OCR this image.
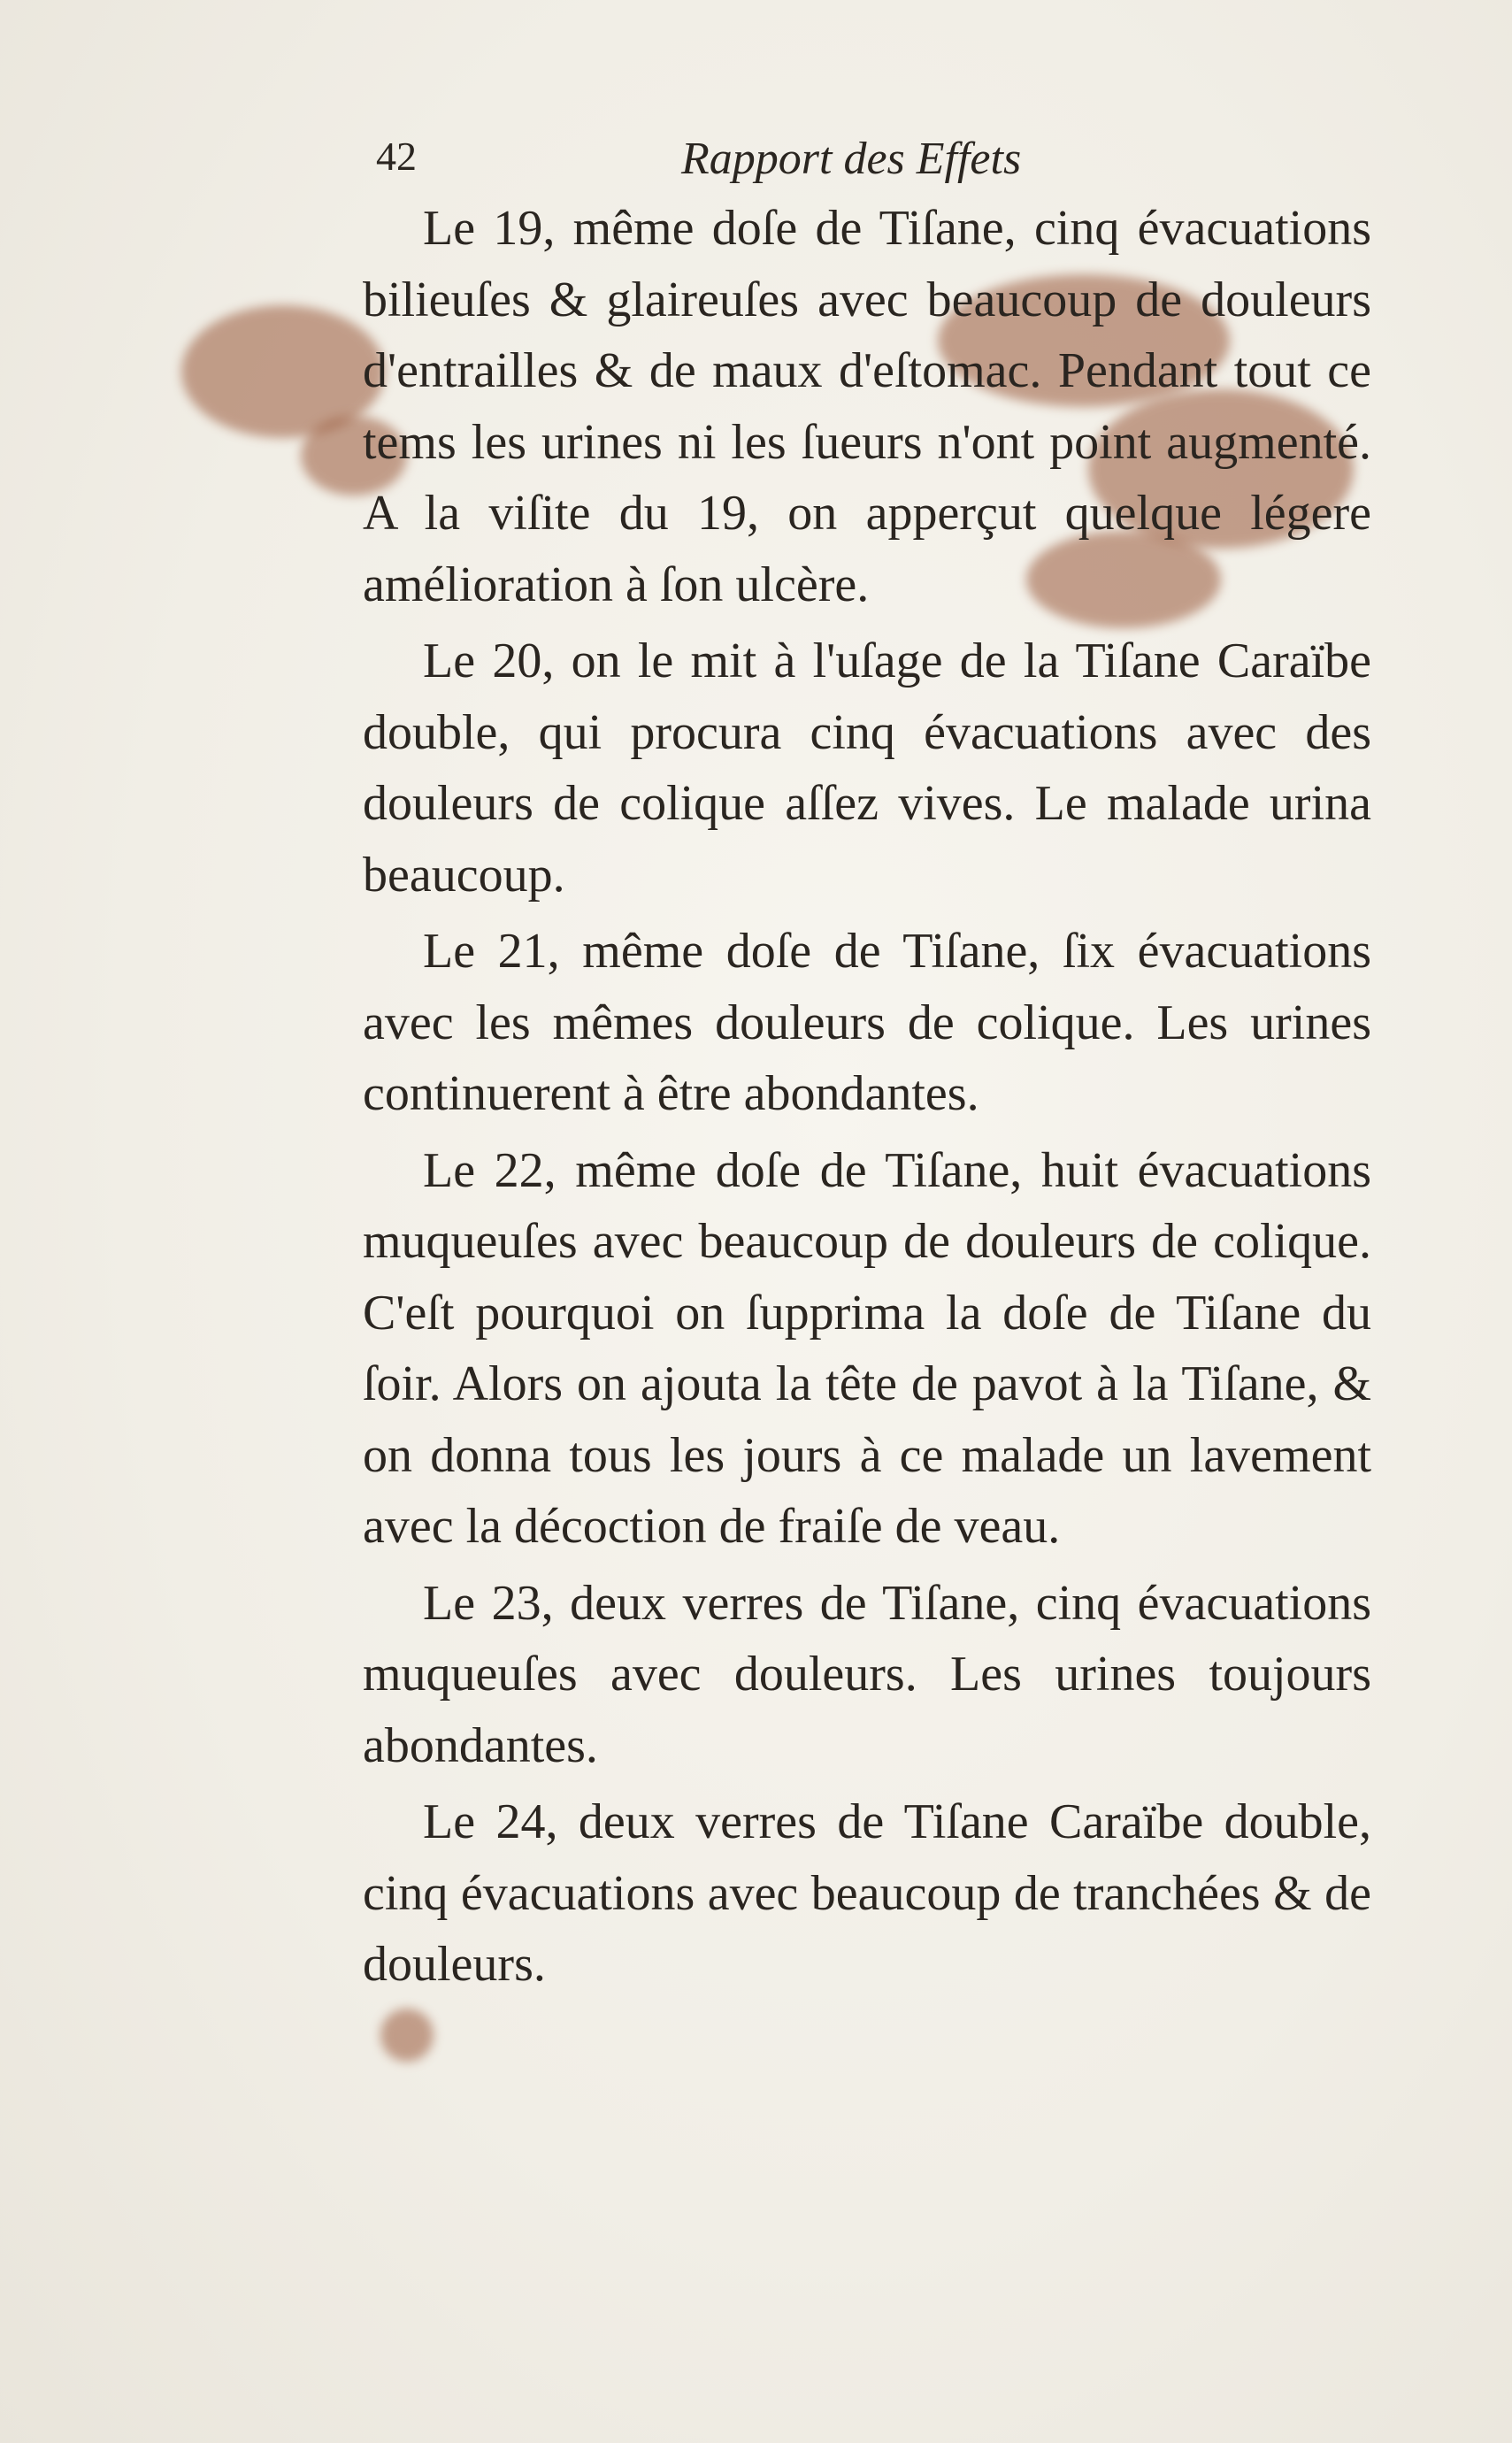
42	Rapport des Effets

Le 19, même doſe de Tiſane, cinq évacuations bilieuſes & glaireuſes avec beaucoup de douleurs d'entrailles & de maux d'eſtomac. Pendant tout ce tems les urines ni les ſueurs n'ont point augmenté. A la viſite du 19, on apperçut quelque légere amélioration à ſon ulcère.

Le 20, on le mit à l'uſage de la Tiſane Caraïbe double, qui procura cinq évacuations avec des douleurs de colique aſſez vives. Le malade urina beaucoup.

Le 21, même doſe de Tiſane, ſix évacuations avec les mêmes douleurs de colique. Les urines continuerent à être abondantes.

Le 22, même doſe de Tiſane, huit évacuations muqueuſes avec beaucoup de douleurs de colique. C'eſt pourquoi on ſupprima la doſe de Tiſane du ſoir. Alors on ajouta la tête de pavot à la Tiſane, & on donna tous les jours à ce malade un lavement avec la décoction de fraiſe de veau.

Le 23, deux verres de Tiſane, cinq évacuations muqueuſes avec douleurs. Les urines toujours abondantes.

Le 24, deux verres de Tiſane Caraïbe double, cinq évacuations avec beaucoup de tranchées & de douleurs.
